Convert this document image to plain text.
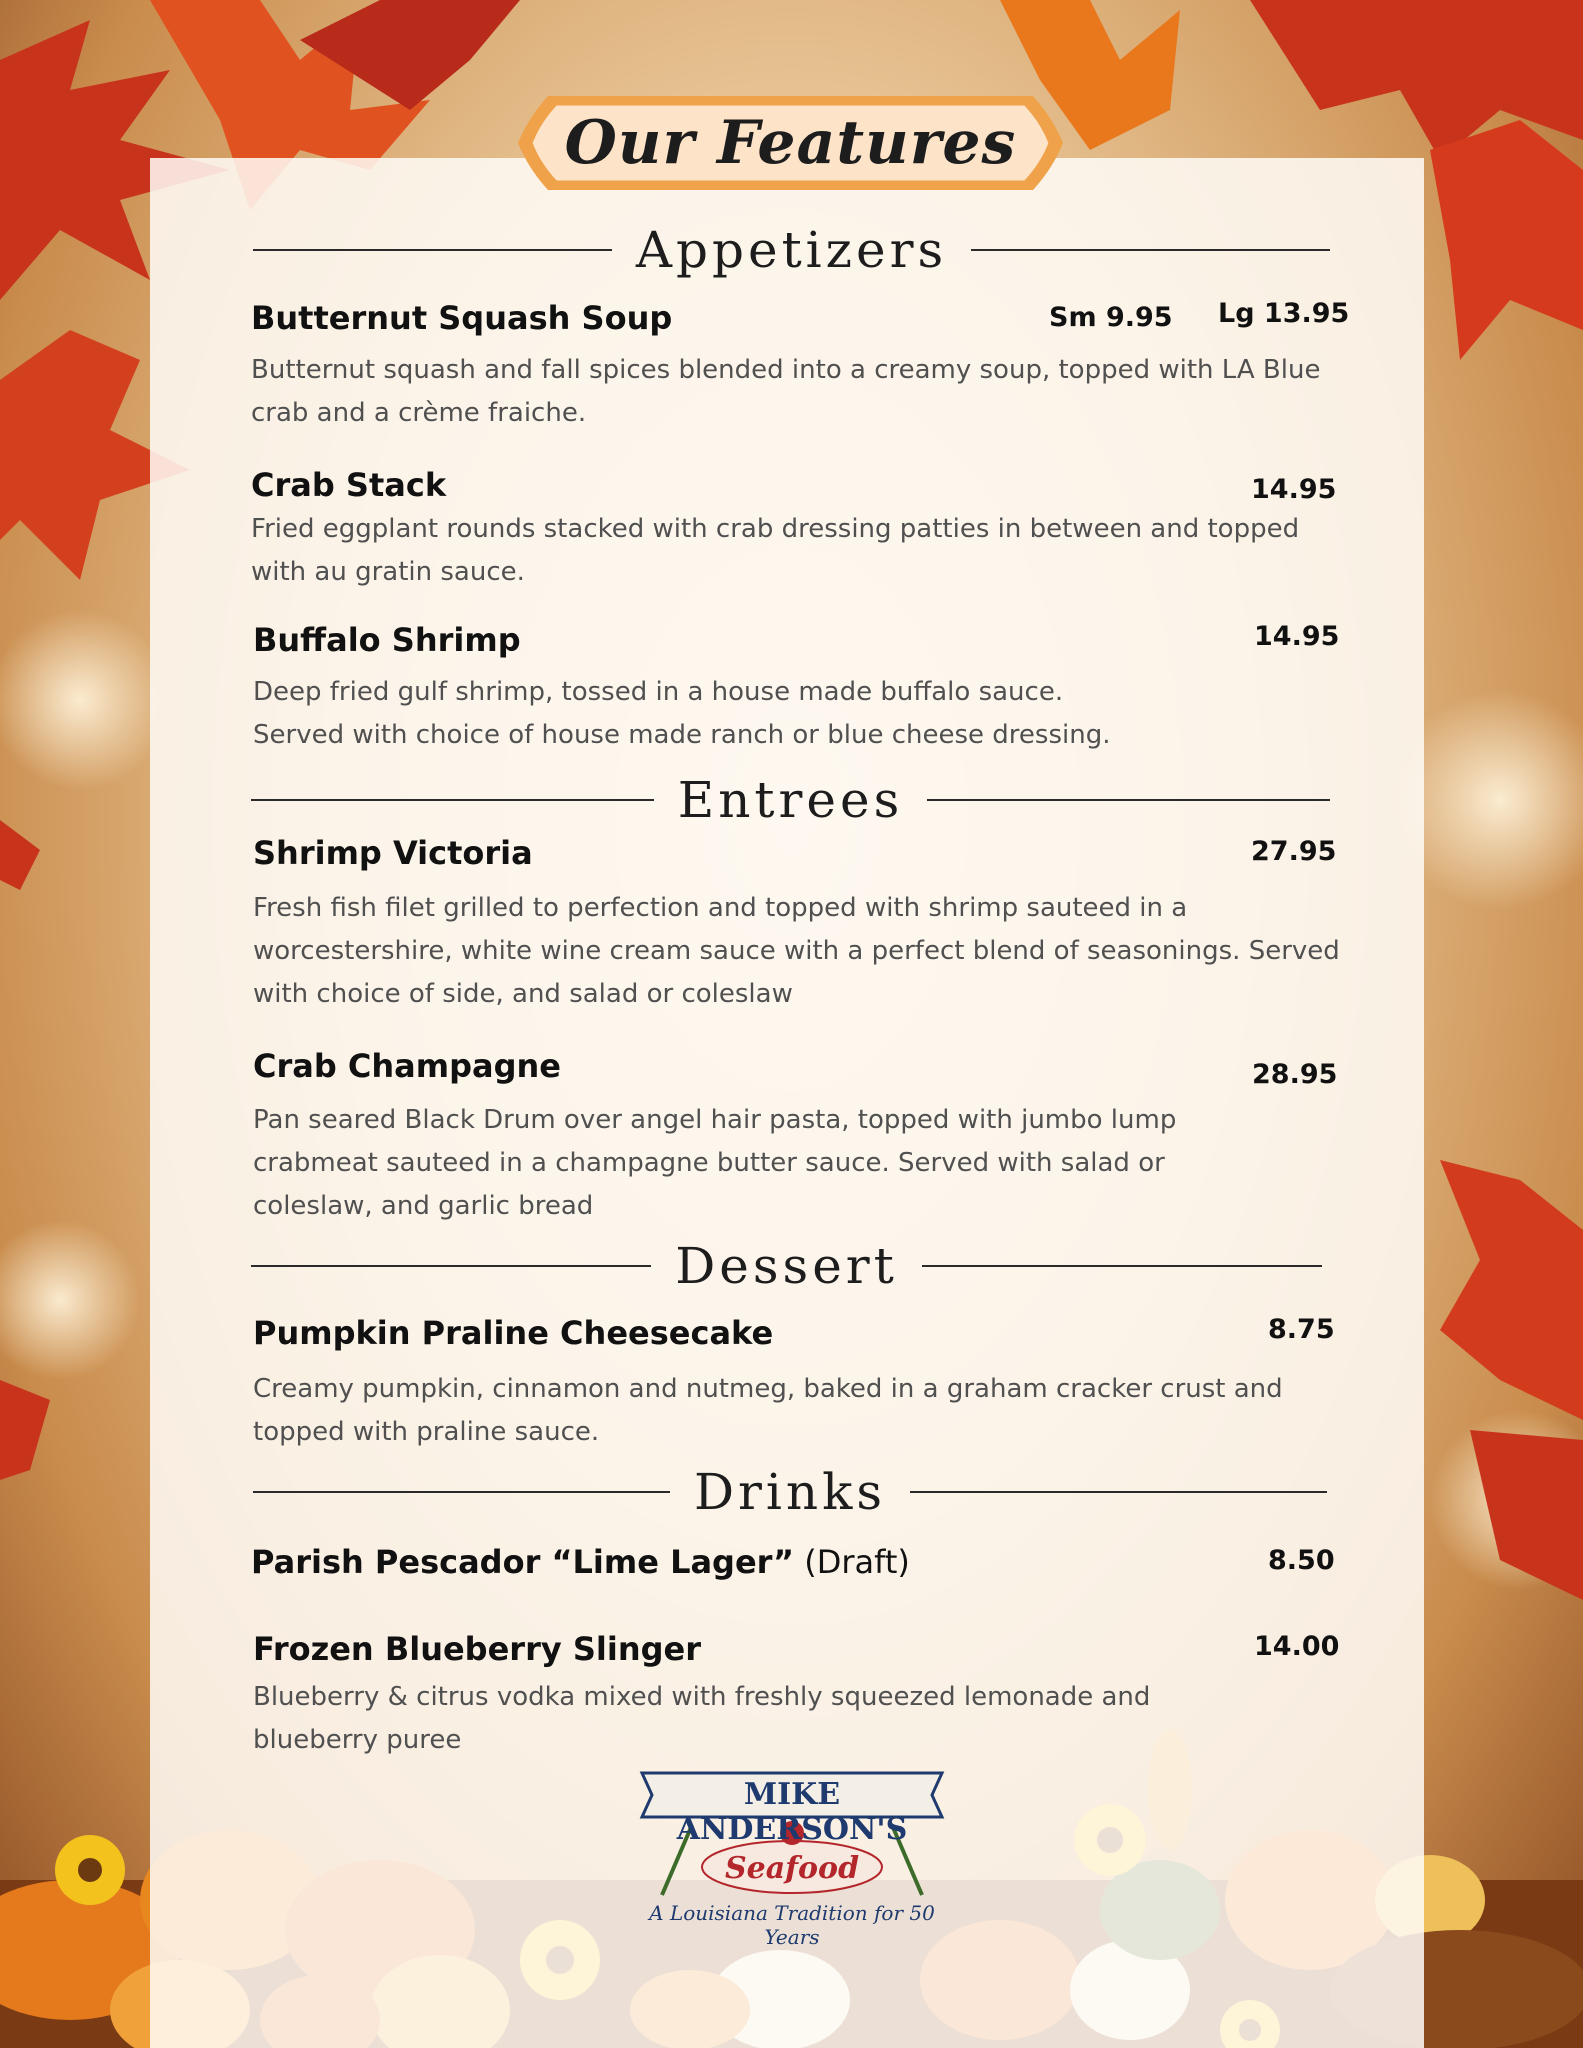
Our Features
Appetizers
Butternut Squash Soup	Sm 9.95 Lg 13.95
Butternut squash and fall spices blended into a creamy soup, topped with LA Blue crab and a crème fraiche.
Crab Stack	14.95
Fried eggplant rounds stacked with crab dressing patties in between and topped with au gratin sauce.
Buffalo Shrimp	14.95
Deep fried gulf shrimp, tossed in a house made buffalo sauce.
Served with choice of house made ranch or blue cheese dressing.
Entrees
Shrimp Victoria	27.95
Fresh fish filet grilled to perfection and topped with shrimp sauteed in a worcestershire, white wine cream sauce with a perfect blend of seasonings. Served with choice of side, and salad or coleslaw
Crab Champagne	28.95
Pan seared Black Drum over angel hair pasta, topped with jumbo lump crabmeat sauteed in a champagne butter sauce. Served with salad or coleslaw, and garlic bread
Dessert
Pumpkin Praline Cheesecake	8.75
Creamy pumpkin, cinnamon and nutmeg, baked in a graham cracker crust and topped with praline sauce.
Drinks
Parish Pescador “Lime Lager” (Draft)	8.50
Frozen Blueberry Slinger	14.00
Blueberry & citrus vodka mixed with freshly squeezed lemonade and blueberry puree
MIKE ANDERSON'S
Seafood
A Louisiana Tradition for 50 Years
